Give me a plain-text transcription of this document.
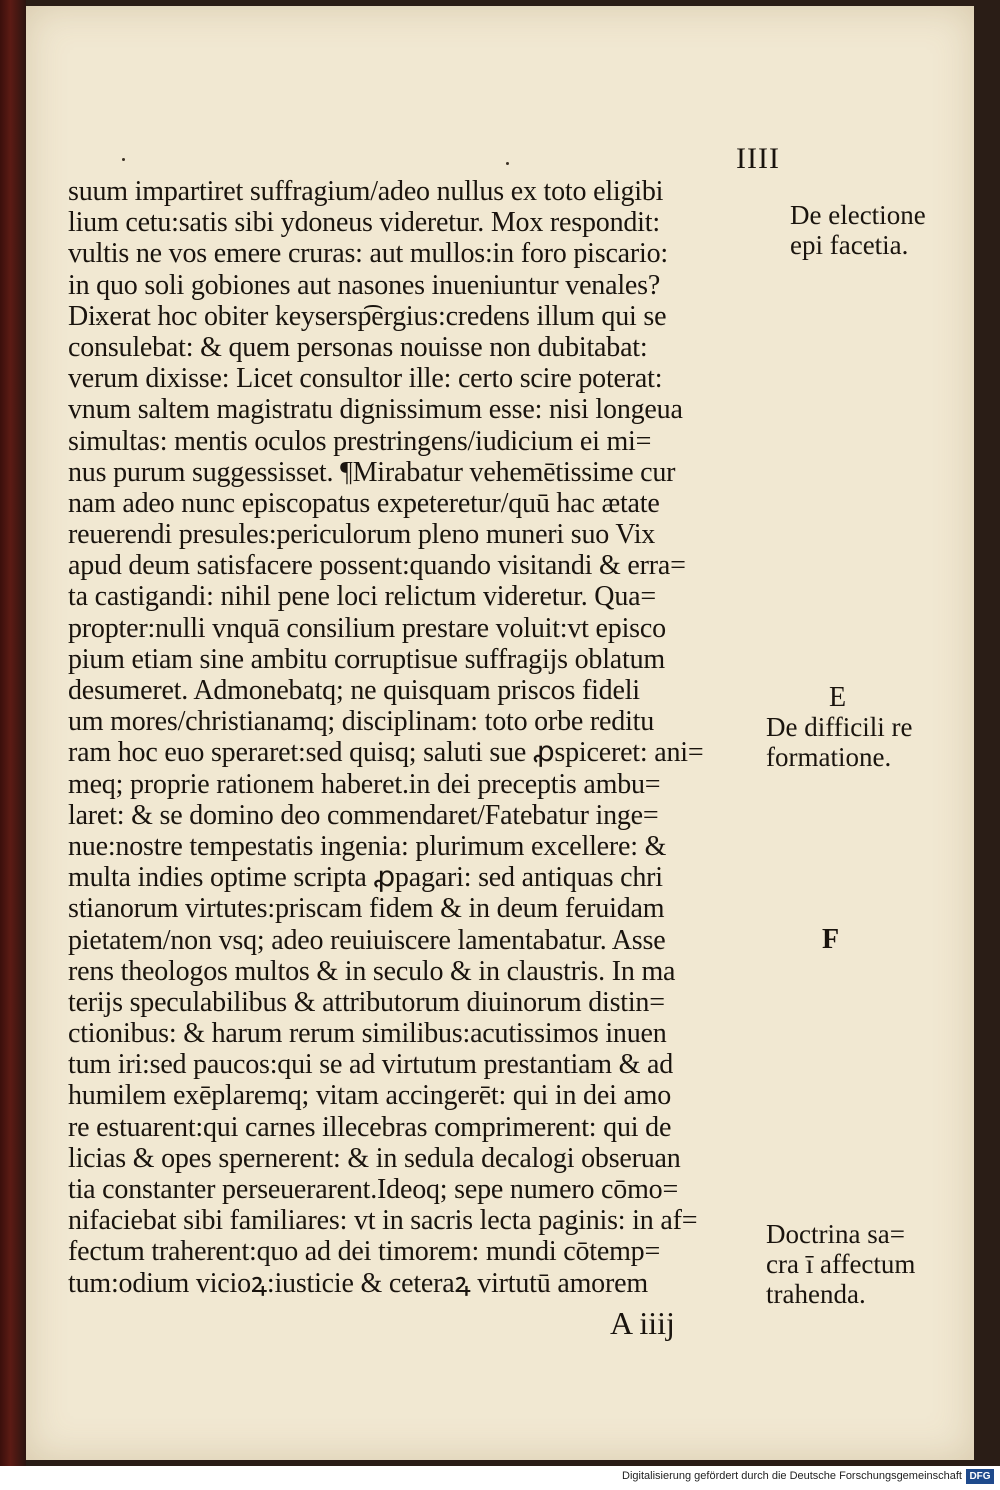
IIII
suum impartiret suffragium/adeo nullus ex toto eligibi
lium cetu:satis sibi ydoneus videretur. Mox respondit:
vultis ne vos emere cruras: aut mullos:in foro piscario:
in quo soli gobiones aut nasones inueniuntur venales?
Dixerat hoc obiter keysersp͡ergius:credens illum qui se
consulebat: & quem personas nouisse non dubitabat:
verum dixisse: Licet consultor ille: certo scire poterat:
vnum saltem magistratu dignissimum esse: nisi longeua
simultas: mentis oculos prestringens/iudicium ei mi=
nus purum suggessisset. ¶Mirabatur vehemētissime cur
nam adeo nunc episcopatus expeteretur/quū hac ætate
reuerendi presules:periculorum pleno muneri suo Vix
apud deum satisfacere possent:quando visitandi & erra=
ta castigandi: nihil pene loci relictum videretur. Qua=
propter:nulli vnquā consilium prestare voluit:vt episco
pium etiam sine ambitu corruptisue suffragijs oblatum
desumeret. Admonebatq; ne quisquam priscos fideli
um mores/christianamq; disciplinam: toto orbe reditu
ram hoc euo speraret:sed quisq; saluti sue ꝓspiceret: ani=
meq; proprie rationem haberet.in dei preceptis ambu=
laret: & se domino deo commendaret/Fatebatur inge=
nue:nostre tempestatis ingenia: plurimum excellere: &
multa indies optime scripta ꝓpagari: sed antiquas chri
stianorum virtutes:priscam fidem & in deum feruidam
pietatem/non vsq; adeo reuiuiscere lamentabatur. Asse
rens theologos multos & in seculo & in claustris. In ma
terijs speculabilibus & attributorum diuinorum distin=
ctionibus: & harum rerum similibus:acutissimos inuen
tum iri:sed paucos:qui se ad virtutum prestantiam & ad
humilem exēplaremq; vitam accingerēt: qui in dei amo
re estuarent:qui carnes illecebras comprimerent: qui de
licias & opes spernerent: & in sedula decalogi obseruan
tia constanter perseuerarent.Ideoq; sepe numero cōmo=
nifaciebat sibi familiares: vt in sacris lecta paginis: in af=
fectum traherent:quo ad dei timorem: mundi cōtemp=
tum:odium vicioꝝ:iusticie & ceteraꝝ virtutū amorem
De electione
epi facetia.
E
De difficili re
formatione.
F
Doctrina sa=
cra ī affectum
trahenda.
A iiij
Digitalisierung gefördert durch die Deutsche Forschungsgemeinschaft DFG
